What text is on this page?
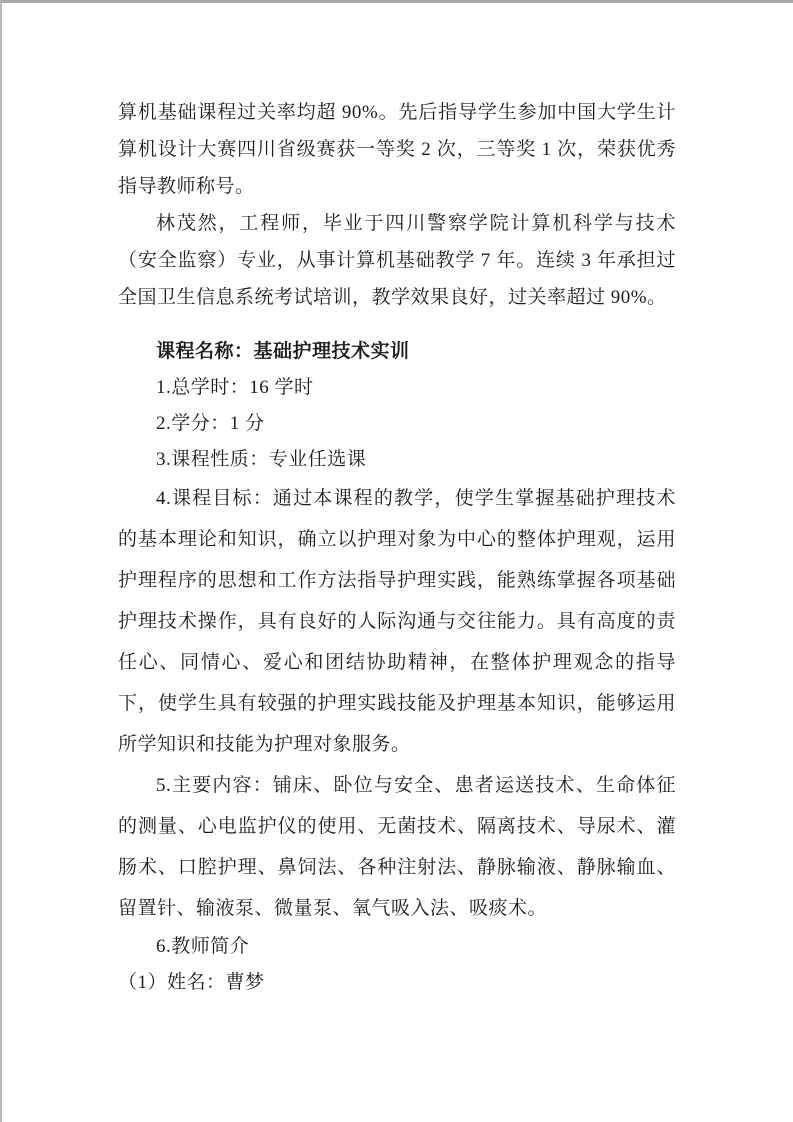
算机基础课程过关率均超 90%。先后指导学生参加中国大学生计算机设计大赛四川省级赛获一等奖 2 次，三等奖 1 次，荣获优秀指导教师称号。

林茂然，工程师，毕业于四川警察学院计算机科学与技术（安全监察）专业，从事计算机基础教学 7 年。连续 3 年承担过全国卫生信息系统考试培训，教学效果良好，过关率超过 90%。

课程名称：基础护理技术实训

1.总学时：16 学时

2.学分：1 分

3.课程性质：专业任选课

4.课程目标：通过本课程的教学，使学生掌握基础护理技术的基本理论和知识，确立以护理对象为中心的整体护理观，运用护理程序的思想和工作方法指导护理实践，能熟练掌握各项基础护理技术操作，具有良好的人际沟通与交往能力。具有高度的责任心、同情心、爱心和团结协助精神，在整体护理观念的指导下，使学生具有较强的护理实践技能及护理基本知识，能够运用所学知识和技能为护理对象服务。

5.主要内容：铺床、卧位与安全、患者运送技术、生命体征的测量、心电监护仪的使用、无菌技术、隔离技术、导尿术、灌肠术、口腔护理、鼻饲法、各种注射法、静脉输液、静脉输血、留置针、输液泵、微量泵、氧气吸入法、吸痰术。

6.教师简介

（1）姓名：曹梦
